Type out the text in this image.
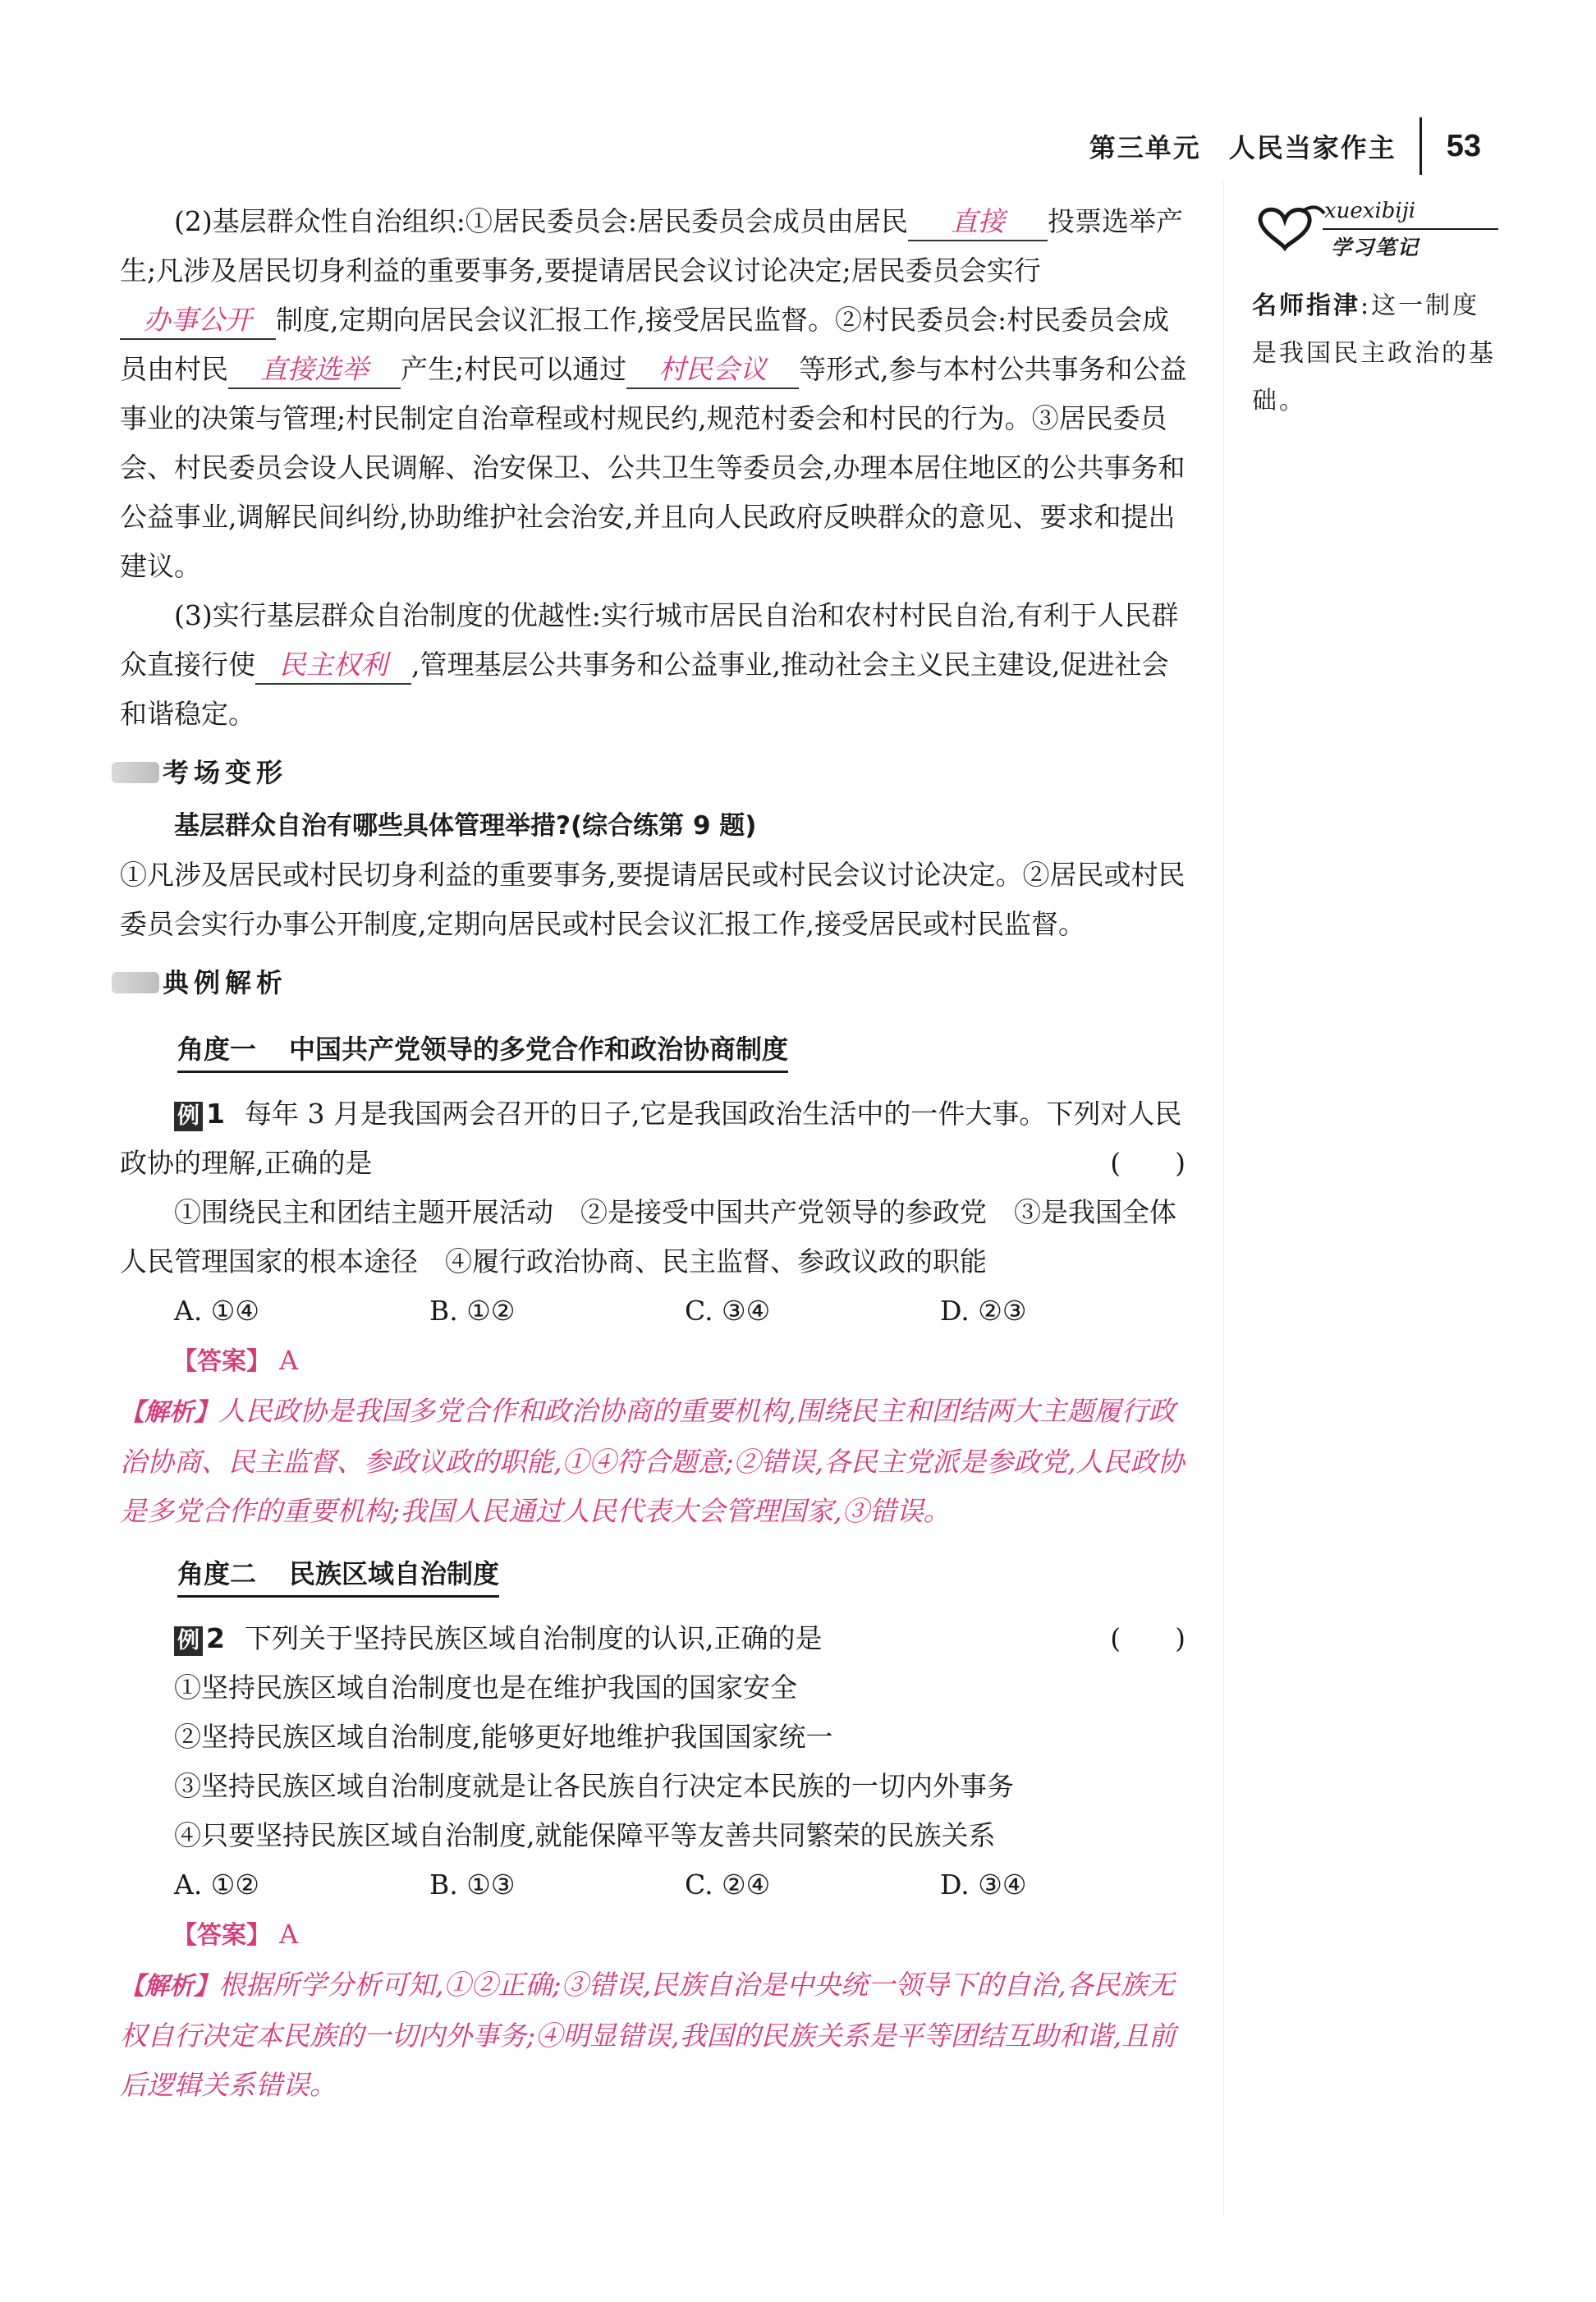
第三单元　人民当家作主 53

(2)基层群众性自治组织:①居民委员会:居民委员会成员由居民 直接 投票选举产生;凡涉及居民切身利益的重要事务,要提请居民会议讨论决定;居民委员会实行办事公开 制度,定期向居民会议汇报工作,接受居民监督。②村民委员会:村民委员会成员由村民 直接选举 产生;村民可以通过 村民会议 等形式,参与本村公共事务和公益事业的决策与管理;村民制定自治章程或村规民约,规范村委会和村民的行为。③居民委员会、村民委员会设人民调解、治安保卫、公共卫生等委员会,办理本居住地区的公共事务和公益事业,调解民间纠纷,协助维护社会治安,并且向人民政府反映群众的意见、要求和提出建议。

(3)实行基层群众自治制度的优越性:实行城市居民自治和农村村民自治,有利于人民群众直接行使 民主权利 ,管理基层公共事务和公益事业,推动社会主义民主建设,促进社会和谐稳定。

考场变形

基层群众自治有哪些具体管理举措?(综合练第 9 题)

①凡涉及居民或村民切身利益的重要事务,要提请居民或村民会议讨论决定。②居民或村民委员会实行办事公开制度,定期向居民或村民会议汇报工作,接受居民或村民监督。

典例解析
角度一 中国共产党领导的多党合作和政治协商制度

例 1 每年 3 月是我国两会召开的日子,它是我国政治生活中的一件大事。下列对人民政协的理解,正确的是	(　　)

①围绕民主和团结主题开展活动　②是接受中国共产党领导的参政党　③是我国全体人民管理国家的根本途径　④履行政治协商、民主监督、参政议政的职能

A. ①④	B. ①②	C. ③④	D. ②③

【答案】 A

【解析】人民政协是我国多党合作和政治协商的重要机构,围绕民主和团结两大主题履行政治协商、民主监督、参政议政的职能,①④符合题意;②错误,各民主党派是参政党,人民政协是多党合作的重要机构;我国人民通过人民代表大会管理国家,③错误。

角度二 民族区域自治制度

例 2 下列关于坚持民族区域自治制度的认识,正确的是	(　　)

①坚持民族区域自治制度也是在维护我国的国家安全

②坚持民族区域自治制度,能够更好地维护我国国家统一

③坚持民族区域自治制度就是让各民族自行决定本民族的一切内外事务

④只要坚持民族区域自治制度,就能保障平等友善共同繁荣的民族关系

A. ①②	B. ①③	C. ②④	D. ③④

【答案】 A

【解析】根据所学分析可知,①②正确;③错误,民族自治是中央统一领导下的自治,各民族无权自行决定本民族的一切内外事务;④明显错误,我国的民族关系是平等团结互助和谐,且前后逻辑关系错误。

xuexibiji
学习笔记
名师指津:这一制度是我国民主政治的基础。
